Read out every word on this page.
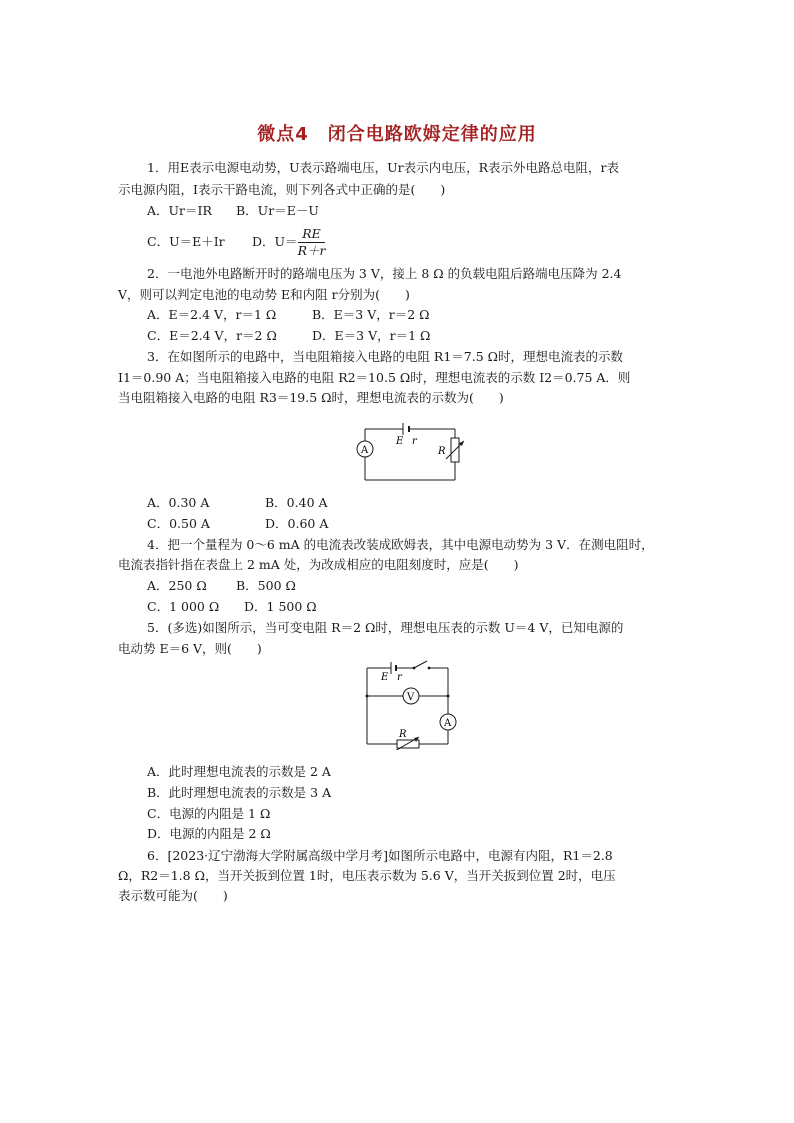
微点4　闭合电路欧姆定律的应用
1．用E表示电源电动势，U表示路端电压，Ur表示内电压，R表示外电路总电阻，r表
示电源内阻，I表示干路电流，则下列各式中正确的是(　　)
A．Ur＝IR B．Ur＝E－U
C．U＝E＋Ir D．$U= \frac{RE}{R+r}$
2．一电池外电路断开时的路端电压为 3 V，接上 8 Ω 的负载电阻后路端电压降为 2.4
V，则可以判定电池的电动势 E和内阻 r分别为(　　)
A．E＝2.4 V，r＝1 Ω	B．E＝3 V，r＝2 Ω
C．E＝2.4 V，r＝2 Ω	D．E＝3 V，r＝1 Ω
3．在如图所示的电路中，当电阻箱接入电路的电阻 R1＝7.5 Ω时，理想电流表的示数
I1＝0.90 A；当电阻箱接入电路的电阻 R2＝10.5 Ω时，理想电流表的示数 I2＝0.75 A．则
当电阻箱接入电路的电阻 R3＝19.5 Ω时，理想电流表的示数为(　　)
E r
A	R
A．0.30 A	B．0.40 A
C．0.50 A	D．0.60 A
4．把一个量程为 0～6 mA 的电流表改装成欧姆表，其中电源电动势为 3 V．在测电阻时，
电流表指针指在表盘上 2 mA 处，为改成相应的电阻刻度时，应是(　　)
A．250 Ω B．500 Ω
C．1 000 Ω D．1 500 Ω
5．(多选)如图所示，当可变电阻 R＝2 Ω时，理想电压表的示数 U＝4 V，已知电源的
电动势 E＝6 V，则(　　)
E r
V
A
R
A．此时理想电流表的示数是 2 A
B．此时理想电流表的示数是 3 A
C．电源的内阻是 1 Ω
D．电源的内阻是 2 Ω
6．[2023·辽宁渤海大学附属高级中学月考]如图所示电路中，电源有内阻，R1＝2.8
Ω，R2＝1.8 Ω，当开关扳到位置 1时，电压表示数为 5.6 V，当开关扳到位置 2时，电压
表示数可能为(　　)
